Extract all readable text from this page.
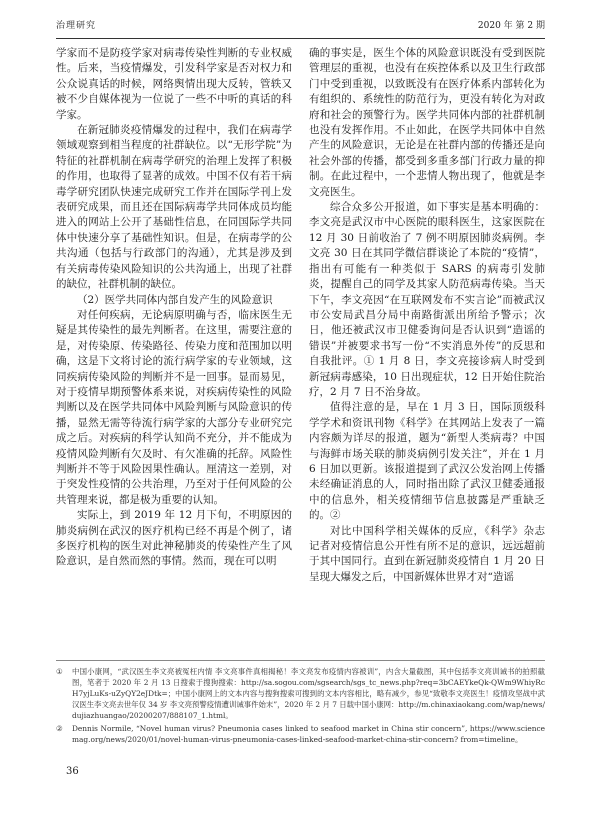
治理研究	2020 年 第 2 期

学家而不是防疫学家对病毒传染性判断的专业权威性。后来，当疫情爆发，引发科学家是否对权力和公众说真话的时候，网络舆情出现大反转，管轶又被不少自媒体视为一位说了一些不中听的真话的科学家。

在新冠肺炎疫情爆发的过程中，我们在病毒学领域观察到相当程度的社群缺位。以“无形学院”为特征的社群机制在病毒学研究的治理上发挥了积极的作用，也取得了显著的成效。中国不仅有若干病毒学研究团队快速完成研究工作并在国际学刊上发表研究成果，而且还在国际病毒学共同体成员均能进入的网站上公开了基础性信息，在同国际学共同体中快速分享了基础性知识。但是，在病毒学的公共沟通（包括与行政部门的沟通），尤其是涉及到有关病毒传染风险知识的公共沟通上，出现了社群的缺位，社群机制的缺位。

（2）医学共同体内部自发产生的风险意识

对任何疾病，无论病原明确与否，临床医生无疑是其传染性的最先判断者。在这里，需要注意的是，对传染原、传染路径、传染力度和范围加以明确，这是下文将讨论的流行病学家的专业领域，这同疾病传染风险的判断并不是一回事。显而易见，对于疫情早期预警体系来说，对疾病传染性的风险判断以及在医学共同体中风险判断与风险意识的传播，显然无需等待流行病学家的大部分专业研究完成之后。对疾病的科学认知尚不充分，并不能成为疫情风险判断有欠及时、有欠准确的托辞。风险性判断并不等于风险因果性确认。厘清这一差别，对于突发性疫情的公共治理，乃至对于任何风险的公共管理来说，都是极为重要的认知。

实际上，到 2019 年 12 月下旬，不明原因的肺炎病例在武汉的医疗机构已经不再是个例了，诸多医疗机构的医生对此神秘肺炎的传染性产生了风险意识，是自然而然的事情。然而，现在可以明

确的事实是，医生个体的风险意识既没有受到医院管理层的重视，也没有在疾控体系以及卫生行政部门中受到重视，以致既没有在医疗体系内部转化为有组织的、系统性的防范行为，更没有转化为对政府和社会的预警行为。医学共同体内部的社群机制也没有发挥作用。不止如此，在医学共同体中自然产生的风险意识，无论是在社群内部的传播还是向社会外部的传播，都受到多重多部门行政力量的抑制。在此过程中，一个悲情人物出现了，他就是李文亮医生。

综合众多公开报道，如下事实是基本明确的：李文亮是武汉市中心医院的眼科医生，这家医院在 12 月 30 日前收治了 7 例不明原因肺炎病例。李文亮 30 日在其同学微信群谈论了本院的“疫情”，指出有可能有一种类似于 SARS 的病毒引发肺炎，提醒自己的同学及其家人防范病毒传染。当天下午，李文亮因“在互联网发布不实言论”而被武汉市公安局武昌分局中南路街派出所给予警示；次日，他还被武汉市卫健委询问是否认识到“造谣的错误”并被要求书写一份“不实消息外传”的反思和自我批评。① 1 月 8 日，李文亮接诊病人时受到新冠病毒感染，10 日出现症状，12 日开始住院治疗，2 月 7 日不治身故。

值得注意的是，早在 1 月 3 日，国际顶级科学学术和资讯刊物《科学》在其网站上发表了一篇内容颇为详尽的报道，题为“新型人类病毒？中国与海鲜市场关联的肺炎病例引发关注”，并在 1 月 6 日加以更新。该报道提到了武汉公发治网上传播未经确证消息的人，同时指出除了武汉卫健委通报中的信息外，相关疫情细节信息披露是严重缺乏的。②

对比中国科学相关媒体的反应，《科学》杂志记者对疫情信息公开性有所不足的意识，远远超前于其中国同行。直到在新冠肺炎疫情自 1 月 20 日呈现大爆发之后，中国新媒体世界才对“造谣

①	中国小康网，“武汉医生李文亮被冤枉内情 李文亮事件真相揭秘！李文亮发布疫情内容被训”，内含大量截图，其中包括李文亮训诫书的拍照截图，笔者于 2020 年 2 月 13 日搜索于搜狗搜索：http://sa.sogou.com/sgsearch/sgs_tc_news.php?req=3bCAEYkeQk-QWm9WhiyRcH7yjLuKs-uZyQY2eJDtk=；中国小康网上的文本内容与搜狗搜索可搜到的文本内容相比，略有减少，参见“致敬李文亮医生！疫情攻坚战中武汉医生李文亮去世年仅 34 岁 李文亮预警疫情遭训诫事件始末”，2020 年 2 月 7 日载中国小康网：http://m.chinaxiaokang.com/wap/news/dujiazhuangao/20200207/888107_1.html。
②	Dennis Normile, “Novel human virus? Pneumonia cases linked to seafood market in China stir concern”, https://www.sciencemag.org/news/2020/01/novel-human-virus-pneumonia-cases-linked-seafood-market-china-stir-concern? from=timeline。
36
